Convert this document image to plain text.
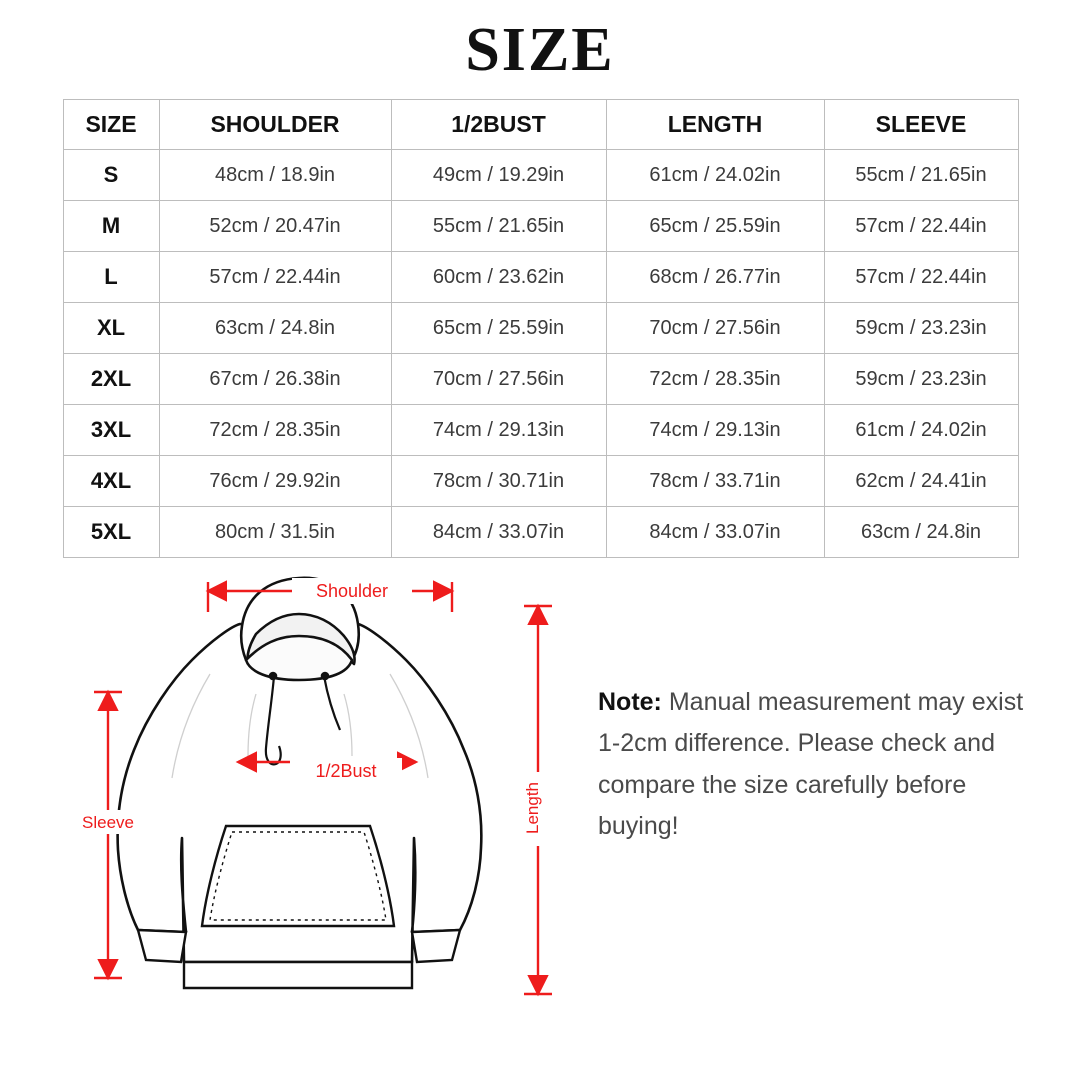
SIZE
SIZE	SHOULDER	1/2BUST	LENGTH	SLEEVE
S	48cm / 18.9in	49cm / 19.29in	61cm / 24.02in	55cm / 21.65in
M	52cm / 20.47in	55cm / 21.65in	65cm / 25.59in	57cm / 22.44in
L	57cm / 22.44in	60cm / 23.62in	68cm / 26.77in	57cm / 22.44in
XL	63cm / 24.8in	65cm / 25.59in	70cm / 27.56in	59cm / 23.23in
2XL	67cm / 26.38in	70cm / 27.56in	72cm / 28.35in	59cm / 23.23in
3XL	72cm / 28.35in	74cm / 29.13in	74cm / 29.13in	61cm / 24.02in
4XL	76cm / 29.92in	78cm / 30.71in	78cm / 33.71in	62cm / 24.41in
5XL	80cm / 31.5in	84cm / 33.07in	84cm / 33.07in	63cm / 24.8in
Shoulder
1/2Bust
Sleeve	Length
Note: Manual measurement may exist 1-2cm difference. Please check and compare the size carefully before buying!
